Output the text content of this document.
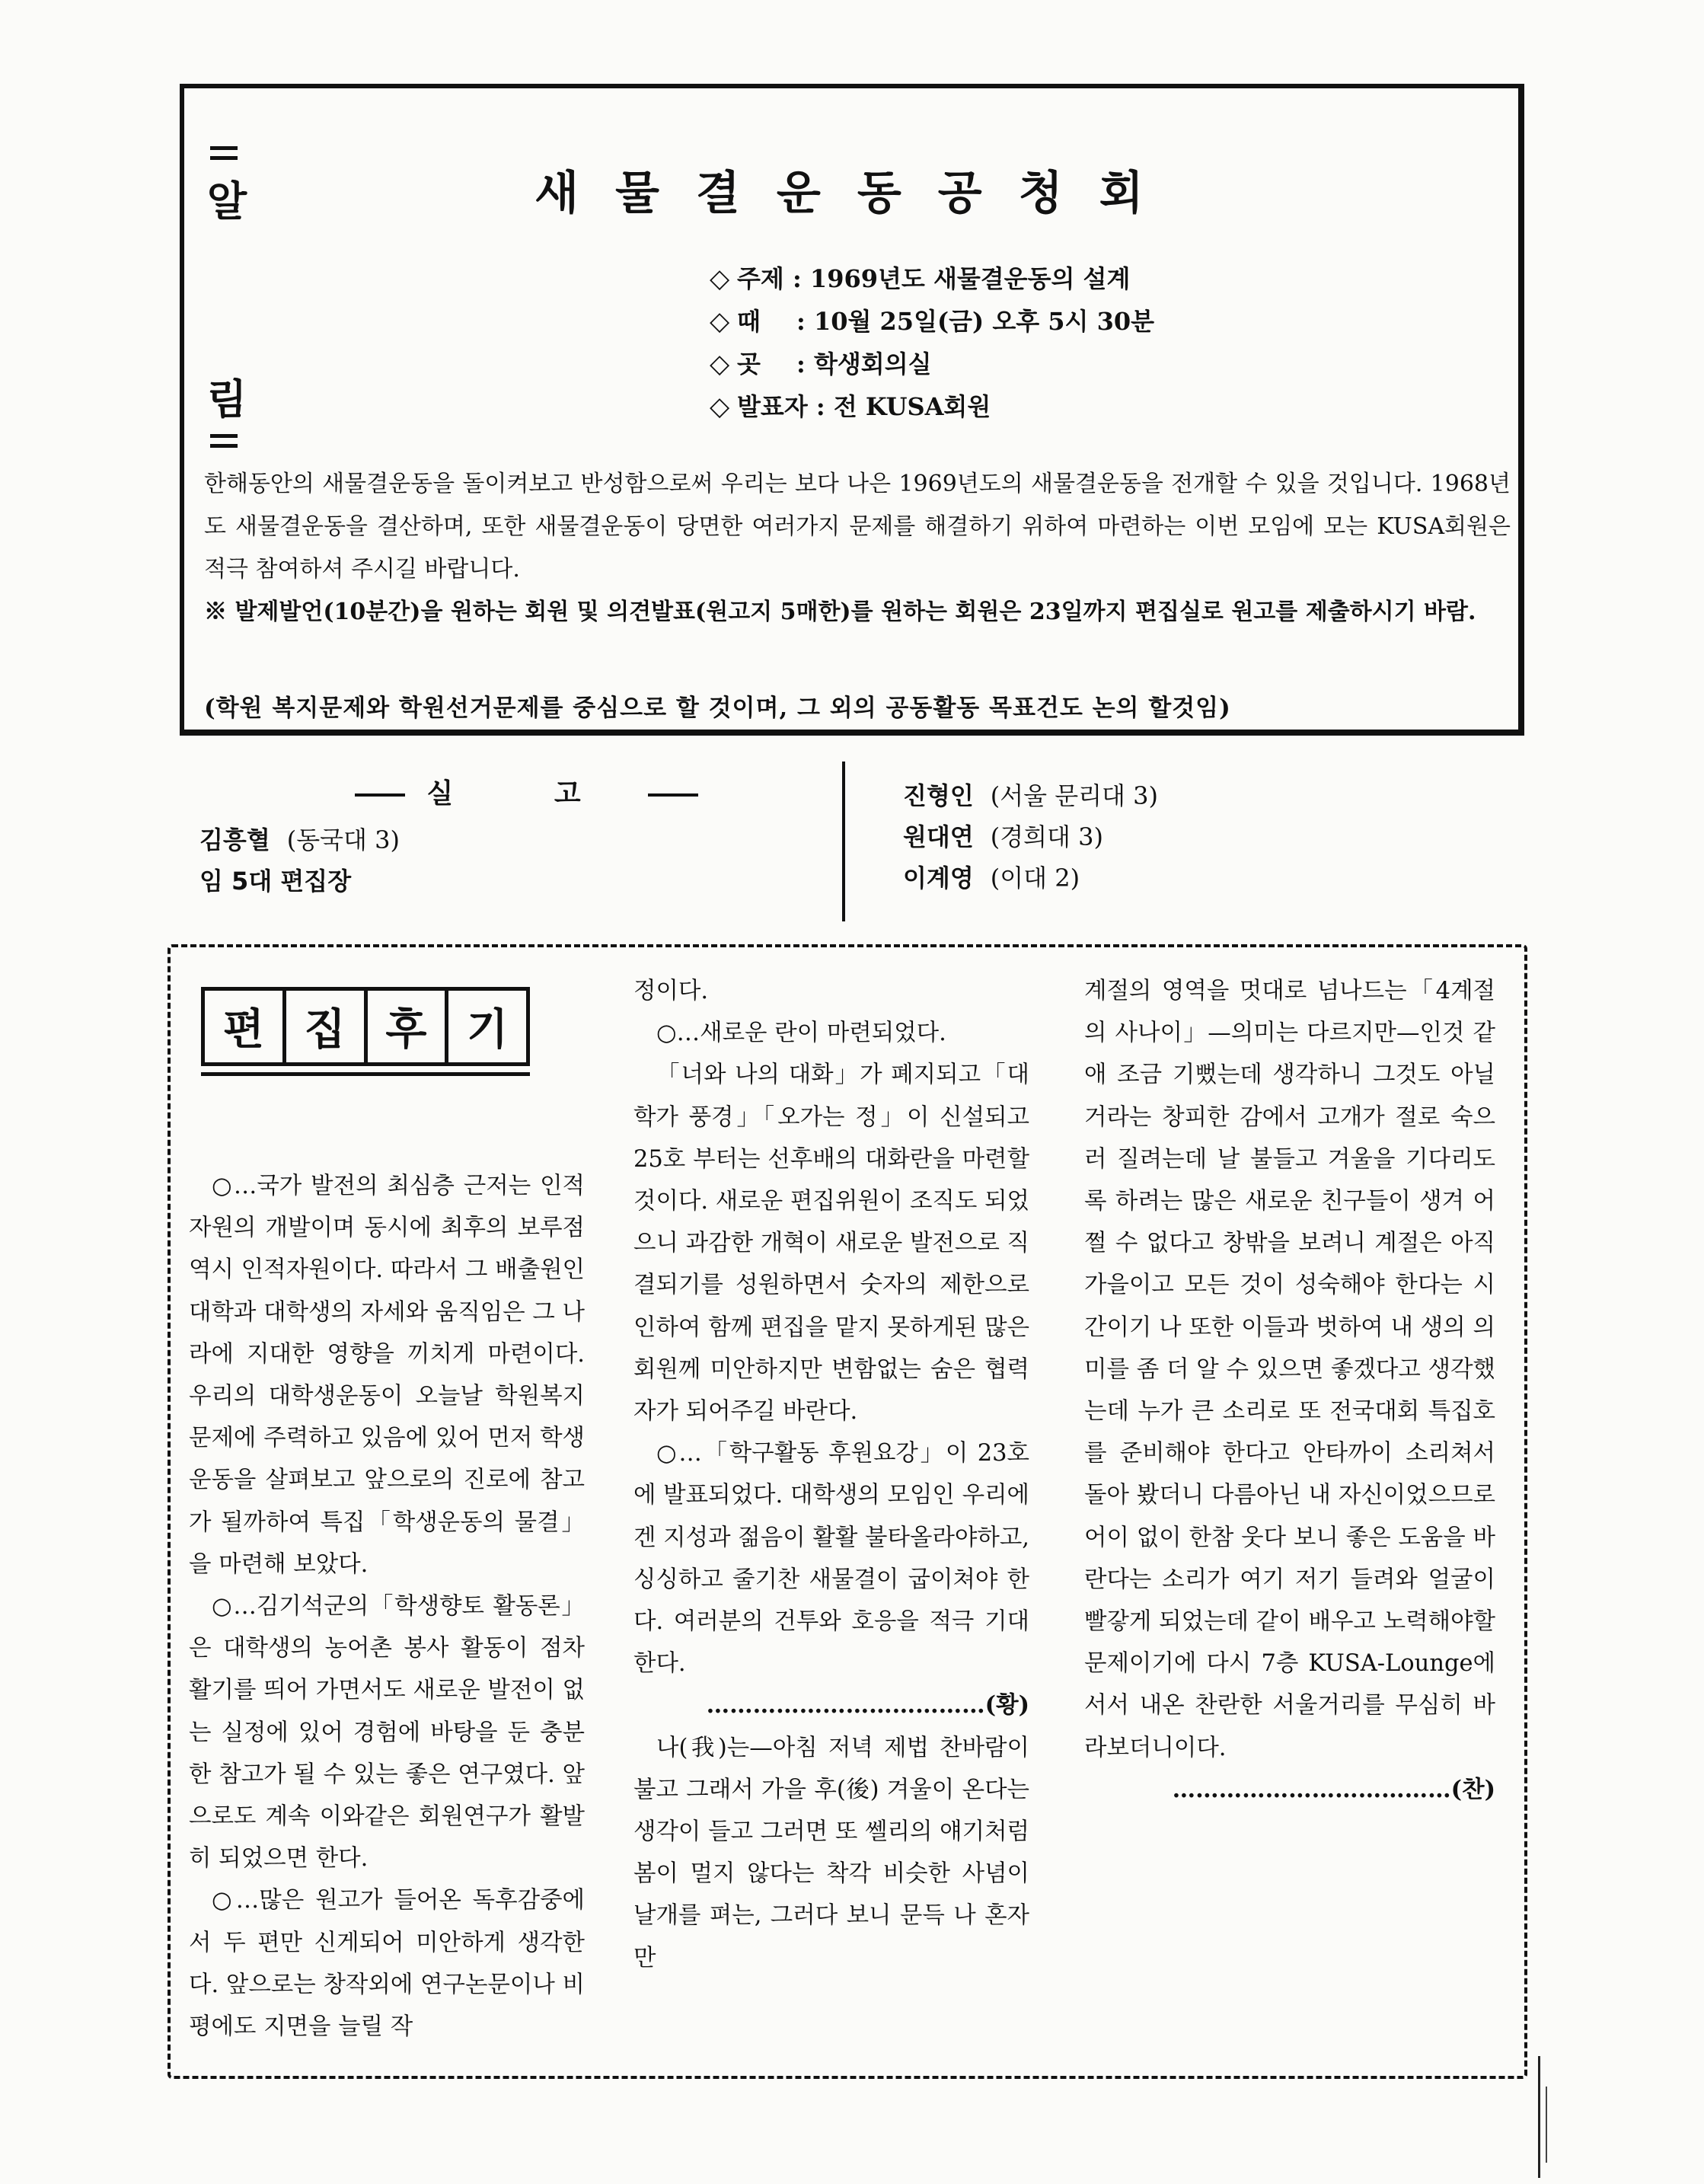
알
림
새물결운동공청회
◇ 주제 : 1969년도 새물결운동의 설계
◇ 때 : 10월 25일(금) 오후 5시 30분
◇ 곳 : 학생회의실
◇ 발표자 : 전 KUSA회원

한해동안의 새물결운동을 돌이켜보고 반성함으로써 우리는 보다 나은 1969년도의 새물결운동을 전개할 수 있을 것입니다. 1968년도 새물결운동을 결산하며, 또한 새물결운동이 당면한 여러가지 문제를 해결하기 위하여 마련하는 이번 모임에 모는 KUSA회원은 적극 참여하셔 주시길 바랍니다.

※ 발제발언(10분간)을 원하는 회원 및 의견발표(원고지 5매한)를 원하는 회원은 23일까지 편집실로 원고를 제출하시기 바람.

(학원 복지문제와 학원선거문제를 중심으로 할 것이며, 그 외의 공동활동 목표건도 논의 할것임)
실 고
김흥혈 (동국대 3)
임 5대 편집장
진형인 (서울 문리대 3)
원대연 (경희대 3)
이계영 (이대 2)
편 집 후 기

○…국가 발전의 최심층 근저는 인적자원의 개발이며 동시에 최후의 보루점 역시 인적자원이다. 따라서 그 배출원인 대학과 대학생의 자세와 움직임은 그 나라에 지대한 영향을 끼치게 마련이다. 우리의 대학생운동이 오늘날 학원복지문제에 주력하고 있음에 있어 먼저 학생운동을 살펴보고 앞으로의 진로에 참고가 될까하여 특집「학생운동의 물결」을 마련해 보았다.

○…김기석군의「학생향토 활동론」은 대학생의 농어촌 봉사 활동이 점차 활기를 띄어 가면서도 새로운 발전이 없는 실정에 있어 경험에 바탕을 둔 충분한 참고가 될 수 있는 좋은 연구였다. 앞으로도 계속 이와같은 회원연구가 활발히 되었으면 한다.

○…많은 원고가 들어온 독후감중에서 두 편만 신게되어 미안하게 생각한다. 앞으로는 창작외에 연구논문이나 비평에도 지면을 늘릴 작

정이다.

○…새로운 란이 마련되었다.

「너와 나의 대화」가 폐지되고「대학가 풍경」「오가는 정」이 신설되고 25호 부터는 선후배의 대화란을 마련할 것이다. 새로운 편집위원이 조직도 되었으니 과감한 개혁이 새로운 발전으로 직결되기를 성원하면서 숫자의 제한으로 인하여 함께 편집을 맡지 못하게된 많은 회원께 미안하지만 변함없는 숨은 협력자가 되어주길 바란다.

○…「학구활동 후원요강」이 23호에 발표되었다. 대학생의 모임인 우리에겐 지성과 젊음이 활활 불타올라야하고, 싱싱하고 줄기찬 새물결이 굽이쳐야 한다. 여러분의 건투와 호응을 적극 기대한다.

………………………………(황)

나(我)는—아침 저녁 제법 찬바람이 불고 그래서 가을 후(後) 겨울이 온다는 생각이 들고 그러면 또 쎌리의 얘기처럼 봄이 멀지 않다는 착각 비슷한 사념이 날개를 펴는, 그러다 보니 문득 나 혼자만

계절의 영역을 멋대로 넘나드는「4계절의 사나이」—의미는 다르지만—인것 같애 조금 기뻤는데 생각하니 그것도 아닐거라는 창피한 감에서 고개가 절로 숙으러 질려는데 날 불들고 겨울을 기다리도록 하려는 많은 새로운 친구들이 생겨 어쩔 수 없다고 창밖을 보려니 계절은 아직 가을이고 모든 것이 성숙해야 한다는 시간이기 나 또한 이들과 벗하여 내 생의 의미를 좀 더 알 수 있으면 좋겠다고 생각했는데 누가 큰 소리로 또 전국대회 특집호를 준비해야 한다고 안타까이 소리쳐서 돌아 봤더니 다름아닌 내 자신이었으므로 어이 없이 한참 웃다 보니 좋은 도움을 바란다는 소리가 여기 저기 들려와 얼굴이 빨갛게 되었는데 같이 배우고 노력해야할 문제이기에 다시 7층 KUSA-Lounge에 서서 내온 찬란한 서울거리를 무심히 바라보더니이다.

………………………………(찬)
